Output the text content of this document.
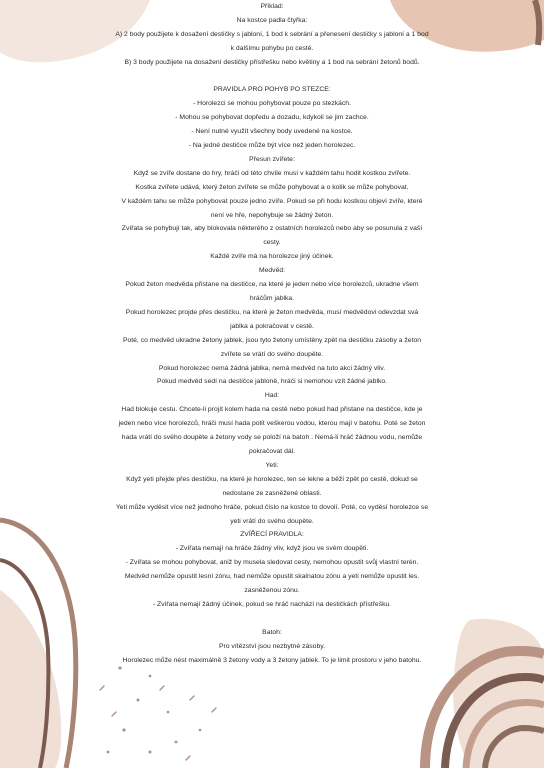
Příklad:
Na kostce padla čtyřka:
A) 2 body použijete k dosažení destičky s jabloní, 1 bod k sebrání a přenesení destičky s jabloní a 1 bod
k dalšímu pohybu po cestě.
B) 3 body použijete na dosažení destičky přístřešku nebo květiny a 1 bod na sebrání žetonů bodů.
PRAVIDLA PRO POHYB PO STEZCE:
- Horolezci se mohou pohybovat pouze po stezkách.
- Mohou se pohybovat dopředu a dozadu, kdykoli se jim zachce.
- Není nutné využít všechny body uvedené na kostce.
- Na jedné destičce může být více než jeden horolezec.
Přesun zvířete:
Když se zvíře dostane do hry, hráči od této chvíle musí v každém tahu hodit kostkou zvířete.
Kostka zvířete udává, který žeton zvířete se může pohybovat a o kolik se může pohybovat.
V každém tahu se může pohybovat pouze jedno zvíře. Pokud se při hodu kostkou objeví zvíře, které
není ve hře, nepohybuje se žádný žeton.
Zvířata se pohybují tak, aby blokovala některého z ostatních horolezců nebo aby se posunula z vaší
cesty.
Každé zvíře má na horolezce jiný účinek.
Medvěd:
Pokud žeton medvěda přistane na destičce, na které je jeden nebo více horolezců, ukradne všem
hráčům jablka.
Pokud horolezec projde přes destičku, na které je žeton medvěda, musí medvědovi odevzdat svá
jablka a pokračovat v cestě.
Poté, co medvěd ukradne žetony jablek, jsou tyto žetony umístěny zpět na destičku zásoby a žeton
zvířete se vrátí do svého doupěte.
Pokud horolezec nemá žádná jablka, nemá medvěd na tuto akci žádný vliv.
Pokud medvěd sedí na destičce jabloně, hráči si nemohou vzít žádné jablko.
Had:
Had blokuje cestu. Chcete-li projít kolem hada na cestě nebo pokud had přistane na destičce, kde je
jeden nebo více horolezců, hráči musí hada polít veškerou vodou, kterou mají v batohu. Poté se žeton
hada vrátí do svého doupěte a žetony vody se položí na batoh . Nemá-li hráč žádnou vodu, nemůže
pokračovat dál.
Yeti:
Když yeti přejde přes destičku, na které je horolezec, ten se lekne a běží zpět po cestě, dokud se
nedostane ze zasněžené oblasti.
Yeti může vyděsit více než jednoho hráče, pokud číslo na kostce to dovolí. Poté, co vyděsí horolezce se
yeti vrátí do svého doupěte.
ZVÍŘECÍ PRAVIDLA:
- Zvířata nemají na hráče žádný vliv, když jsou ve svém doupěti.
- Zvířata se mohou pohybovat, aniž by musela sledovat cesty, nemohou opustit svůj vlastní terén.
Medvěd nemůže opustit lesní zónu, had nemůže opustit skalnatou zónu a yeti nemůže opustit les.
zasněženou zónu.
- Zvířata nemají žádný účinek, pokud se hráč nachází na destičkách přístřešku.
Batoh:
Pro vítězství jsou nezbytné zásoby.
Horolezec může nést maximálně 3 žetony vody a 3 žetony jablek. To je limit prostoru v jeho batohu.
